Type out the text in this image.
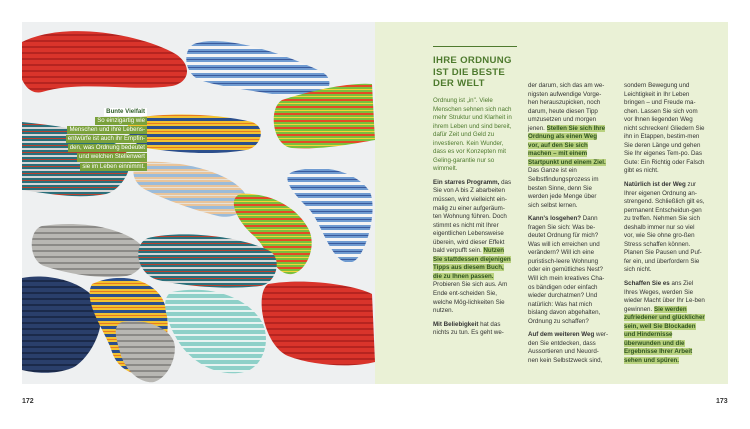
Bunte Vielfalt
So einzigartig wie
Menschen und ihre Lebens-
entwürfe ist auch ihr Empfin-
den, was Ordnung bedeutet
und welchen Stellenwert
sie im Leben einnimmt.
IHRE ORDNUNG
IST DIE BESTE
DER WELT

Ordnung ist „in". Viele Menschen sehnen sich nach mehr Struktur und Klarheit in ihrem Leben und sind bereit, dafür Zeit und Geld zu investieren. Kein Wunder, dass es vor Konzepten mit Geling-garantie nur so wimmelt.

Ein starres Programm, das Sie von A bis Z abarbeiten müssen, wird vielleicht ein-malig zu einer aufgeräum-ten Wohnung führen. Doch stimmt es nicht mit Ihrer eigentlichen Lebensweise überein, wird dieser Effekt bald verpufft sein. Nutzen Sie stattdessen diejenigen Tipps aus diesem Buch, die zu Ihnen passen. Probieren Sie sich aus. Am Ende ent-scheiden Sie, welche Mög-lichkeiten Sie nutzen.

Mit Beliebigkeit hat das nichts zu tun. Es geht we-

der darum, sich das am we-nigsten aufwendige Vorge-hen herauszupicken, noch darum, heute diesen Tipp umzusetzen und morgen jenen. Stellen Sie sich Ihre Ordnung als einen Weg vor, auf den Sie sich machen – mit einem Startpunkt und einem Ziel. Das Ganze ist ein Selbstfindungsprozess im besten Sinne, denn Sie werden jede Menge über sich selbst lernen.

Kann's losgehen? Dann fragen Sie sich: Was be-deutet Ordnung für mich? Was will ich erreichen und verändern? Will ich eine puristisch-leere Wohnung oder ein gemütliches Nest? Will ich mein kreatives Cha-os bändigen oder einfach wieder durchatmen? Und natürlich: Was hat mich bislang davon abgehalten, Ordnung zu schaffen?

Auf dem weiteren Weg wer-den Sie entdecken, dass Aussortieren und Neuord-nen kein Selbstzweck sind,

sondern Bewegung und Leichtigkeit in Ihr Leben bringen – und Freude ma-chen. Lassen Sie sich vom vor Ihnen liegenden Weg nicht schrecken! Gliedern Sie ihn in Etappen, bestim-men Sie deren Länge und gehen Sie Ihr eigenes Tem-po. Das Gute: Ein Richtig oder Falsch gibt es nicht.

Natürlich ist der Weg zur Ihrer eigenen Ordnung an-strengend. Schließlich gilt es, permanent Entscheidun-gen zu treffen. Nehmen Sie sich deshalb immer nur so viel vor, wie Sie ohne gro-ßen Stress schaffen können. Planen Sie Pausen und Puf-fer ein, und überfordern Sie sich nicht.

Schaffen Sie es ans Ziel Ihres Weges, werden Sie wieder Macht über Ihr Le-ben gewinnen. Sie werden zufriedener und glücklicher sein, weil Sie Blockaden und Hindernisse überwunden und die Ergebnisse Ihrer Arbeit sehen und spüren.

172	173
